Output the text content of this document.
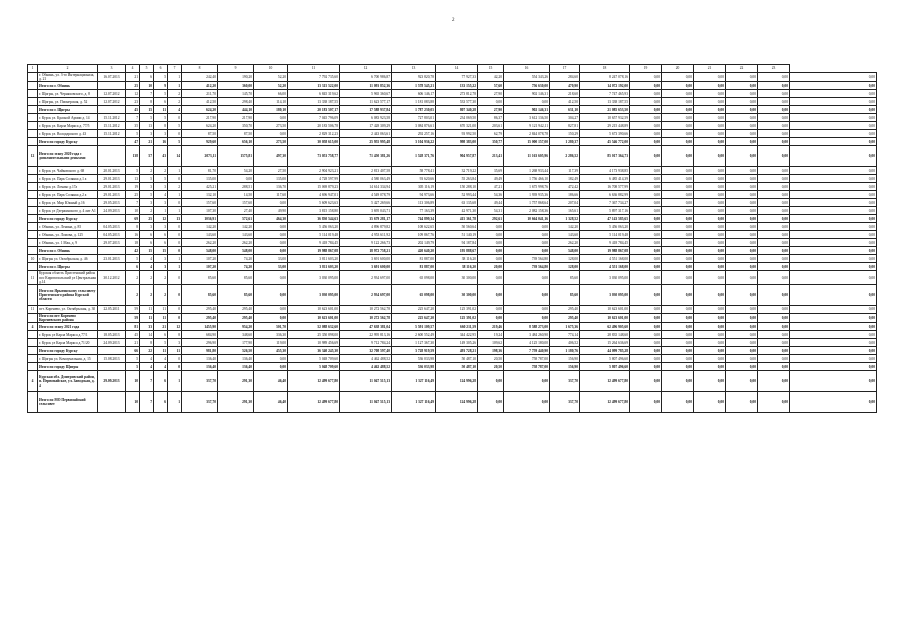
2
1	2	3	4	5	6	7	8	9	10	11	12	13	14	15	16	17	18	19	20	21	22	23	
	г. Обнинь, ул. 3-го Интернационала, д. 21	16.07.2013	21	6	5	1	242,40	190,20	52,20	7 792 735,60	6 700 986,87	923 820,78	77 927,33	42,20	554 343,26	284,60	8 247 078,16	0,00	0,00	0,00	0,00	0,00	0,00
	Итого по г. Обнинь		25	10	9	1	412,20	360,00	52,20	13 315 522,00	11 093 852,36	1 578 545,21	133 155,22	57,60	756 630,00	470,90	14 072 192,00	0,00	0,00	0,00	0,00	0,00	0,00
	г. Щигры, ул. Черняховского, д. 8	12.07.2012	12	7	5	2	211,70	145,70	66,00	6 845 319,62	5 965 360,67	606 146,17	273 812,78	27,90	902 146,31	218,60	7 747 465,93	0,00	0,00	0,00	0,00	0,00	0,00
	г. Щигры, ул. Пионерская, д. 52	12.07.2012	23	8	6	2	412,50	298,40	114,10	13 338 187,55	11 623 577,17	1 181 083,88	533 577,30	0,00	0,00	412,50	13 338 187,55	0,00	0,00	0,00	0,00	0,00	0,00
	Итого по г. Щигры		45	15	11	4	624,20	444,10	180,10	20 183 507,17	17 588 937,84	1 787 230,05	807 340,28	27,90	902 146,31	631,10	21 085 653,50	0,00	0,00	0,00	0,00	0,00	0,00
	г. Курск ул. Красной Армии д. 14	15.11.2012	7	5	5	0	217,90	217,90	0,00	7 045 796,09	6 083 923,58	727 803,01	234 069,50	86,37	3 612 136,50	304,27	10 657 932,59	0,00	0,00	0,00	0,00	0,00	0,00
	г. Курск ул. Карла Маркса д. 77/5	15.11.2012	35	13	8	5	624,20	350,70	273,50	20 183 506,78	17 428 309,29	3 084 876,61	670 321,00	203,61	9 121 942,11	827,81	29 215 448,89	0,00	0,00	0,00	0,00	0,00	0,00
	г. Курск ул. Володарского д. 43	15.11.2012	5	3	3	0	87,50	87,50	0,00	2 829 312,23	2 443 063,61	292 257,16	93 992,50	62,79	2 844 078,78	150,29	5 673 390,66	0,00	0,00	0,00	0,00	0,00	0,00
	Итого по городу Курску		47	21	16	5	929,60	656,10	273,50	30 058 615,00	25 955 995,48	3 104 936,22	998 383,00	350,77	15 000 157,00	1 280,37	45 546 772,00	0,00	0,00	0,00	0,00	0,00	0,00
12	Итого по этапу 2020 года с дополнительными деньгами		138	57	43	14	2073,11	1575,81	497,30	73 053 758,77	71 450 381,26	1 528 371,76	904 957,87	213,41	11 163 605,96	2 286,52	85 017 364,73	0,00	0,00	0,00	0,00	0,00	0,00
	г. Курск ул. Чайковского д. 68	20.01.2013	5	2	2	1	81,70	54,20	27,50	2 904 923,21	2 813 407,58	58 778,41	32 719,22	35,69	1 268 933,44	117,39	4 173 938,85	0,00	0,00	0,00	0,00	0,00	0,00
	г. Курск ул. Парк Солянка д.1 а	29.01.2013	13	5	5	0	135,00	0,00	135,00	4 728 597,99	4 580 063,49	93 620,66	55 263,84	49,49	1 756 466,10	182,49	6 485 414,39	0,00	0,00	0,00	0,00	0,00	0,00
	г. Курск ул. Ломако д.17а	29.01.2013	19	3	3	2	425,21	288,51	136,70	15 069 879,23	14 614 334,94	305 116,19	150 288,10	47,21	1 675 998,76	472,42	16 708 577,99	0,00	0,00	0,00	0,00	0,00	0,00
	г. Курск ул. Парк Солянка д.2 а	29.01.2013	25	5	4	1	132,10	14,50	117,60	4 696 947,01	4 549 078,79	94 973,66	52 993,44	54,36	1 939 935,36	186,66	6 636 882,99	0,00	0,00	0,00	0,00	0,00	0,00
	г. Курск ул. Мир Южный д.16	29.05.2013	7	3	3	0	157,60	157,60	0,00	5 609 623,63	5 427 269,66	113 306,89	63 135,68	49,44	1 757 868,64	207,04	7 367 734,27	0,00	0,00	0,00	0,00	0,00	0,00
	г. Курск ул Дзержинского д. 4 лит А1	24.09.2013	10	2	1	1	107,30	27,40	49,90	3 815 158,80	3 695 043,71	77 163,39	42 971,30	54,31	2 082 158,36	165,61	5 897 317,16	0,00	0,00	0,00	0,00	0,00	0,00
	Итого по городу Курску		69	25	12	13	1036,91	572,61	464,30	36 830 544,63	35 679 281,17	744 899,34	415 361,78	292,61	10 664 041,16	1 328,52	47 143 585,65	0,00	0,00	0,00	0,00	0,00	0,00
	г. Обнинь, ул. Ленина, д. 85	04.05.2013	8	3	3	0	142,20	142,20	0,00	5 456 063,20	4 896 879,82	108 622,65	50 560,64	0,00	0,00	142,20	5 456 063,20	0,00	0,00	0,00	0,00	0,00	0,00
	г. Обнинь, ул. Ломова, д. 125	04.05.2013	16	6	6	0	143,60	143,60	0,00	5 114 019,48	4 953 611,92	109 867,76	51 140,19	0,00	0,00	143,60	5 114 019,48	0,00	0,00	0,00	0,00	0,00	0,00
	г. Обнинь, ул. 1 Мая, д. 9	29.07.2013	18	6	6	0	262,20	262,20	0,00	9 418 784,45	9 122 266,73	202 149,79	94 187,84	0,00	0,00	262,20	9 418 784,45	0,00	0,00	0,00	0,00	0,00	0,00
	Итого по г. Обнинь		42	15	15	0	548,00	548,00	0,00	19 988 867,08	18 972 758,21	420 640,20	195 888,67	0,00	0,00	548,00	19 988 867,08	0,00	0,00	0,00	0,00	0,00	0,00
10	г. Щигры ул. Октябрьская, д. 46	23.01.2013	5	4	3	1	107,20	74,20	33,00	3 811 603,20	3 691 600,00	81 887,00	38 116,20	0,00	739 564,80	128,00	4 551 168,00	0,00	0,00	0,00	0,00	0,00	0,00
	Итого по г. Щигры		6	4	3	1	107,20	74,20	33,00	3 811 603,20	3 691 600,00	81 887,00	38 116,20	20,00	739 564,80	128,00	4 551 168,00	0,00	0,00	0,00	0,00	0,00	0,00
11	Курская область Пристенский район пос Кировопольский ул Центральная д.14	30.12.2012	2	2	2	0	85,60	85,60	0,00	3 030 095,00	2 934 697,00	65 098,00	30 300,00	0,00	0,00	85,60	3 030 095,00	0,00	0,00	0,00	0,00	0,00	0,00
	Итого по Ярыгинскому сельсовету Пристенского района Курской области		2	2	2	0	85,60	85,60	0,00	3 030 095,00	2 934 697,00	65 098,00	30 300,00	0,00	0,00	85,60	3 030 095,00	0,00	0,00	0,00	0,00	0,00	0,00
11	пгт. Коренево, ул. Октябрьская, д. 30	22.05.2011	59	11	11	0	295,40	295,40	0,00	10 623 601,00	10 272 562,78	225 647,20	125 391,02	0,00	0,00	295,40	10 623 601,00	0,00	0,00	0,00	0,00	0,00	0,00
	Итого по пгт Коренево Кореневского района		59	11	11	0	295,40	295,40	0,00	10 623 601,00	10 272 562,78	225 647,20	125 391,02	0,00	0,00	295,40	10 623 601,00	0,00	0,00	0,00	0,00	0,00	0,00
4	Итого по этапу 2021 года		81	33	21	12	1455,90	954,20	501,70	52 088 632,60	47 638 381,04	5 591 109,57	660 211,59	219,46	8 588 273,00	1 675,36	62 496 905,60	0,00	0,00	0,00	0,00	0,00	0,00
	г. Курск ул Карла Маркса д.77/1	18.05.2013	45	14	6	8	684,90	348,60	336,30	25 350 898,00	22 995 813,16	2 600 552,49	344 422,95	19,24	3 484 260,90	774,14	28 835 148,60	0,00	0,00	0,00	0,00	0,00	0,00
	г. Курск ул Карла Маркса д.71/20	24.09.2013	21	8	5	3	296,90	177,90	119,00	10 989 456,69	9 712 784,24	1 127 367,30	149 305,26	109,62	4 125 180,00	406,52	15 264 636,69	0,00	0,00	0,00	0,00	0,00	0,00
	Итого по городу Курску		66	22	11	11	981,80	526,50	455,30	36 340 245,30	32 708 597,40	3 728 919,59	493 728,21	198,36	7 759 440,90	1 180,76	44 099 785,28	0,00	0,00	0,00	0,00	0,00	0,00
	г. Щигры ул. Коммунальная, д. 15	15.08.2013	5	4	4	0	136,40	136,40	0,00	5 048 709,60	4 462 488,52	536 033,98	50 487,10	20,50	758 787,00	156,90	5 807 496,60	0,00	0,00	0,00	0,00	0,00	0,00
	Итого по городу Щигры		5	4	4	0	136,40	136,40	0,00	5 048 709,60	4 462 488,52	536 033,98	50 487,10	20,50	758 787,00	156,90	5 807 496,60	0,00	0,00	0,00	0,00	0,00	0,00
4	Курская обл. Дмитровский район, п. Первомайское, ул. Заводская, д. 4	29.09.2013	10	7	6	1	337,70	291,30	46,40	12 499 677,80	11 047 515,13	1 327 116,49	124 996,28	0,00	0,00	337,70	12 499 677,80	0,00	0,00	0,00	0,00	0,00	0,00
	Итого по МО Первомайский сельсовет		10	7	6	1	337,70	291,30	46,40	12 499 677,80	11 047 515,13	1 327 116,49	124 996,28	0,00	0,00	337,70	12 499 677,80	0,00	0,00	0,00	0,00	0,00	0,00
